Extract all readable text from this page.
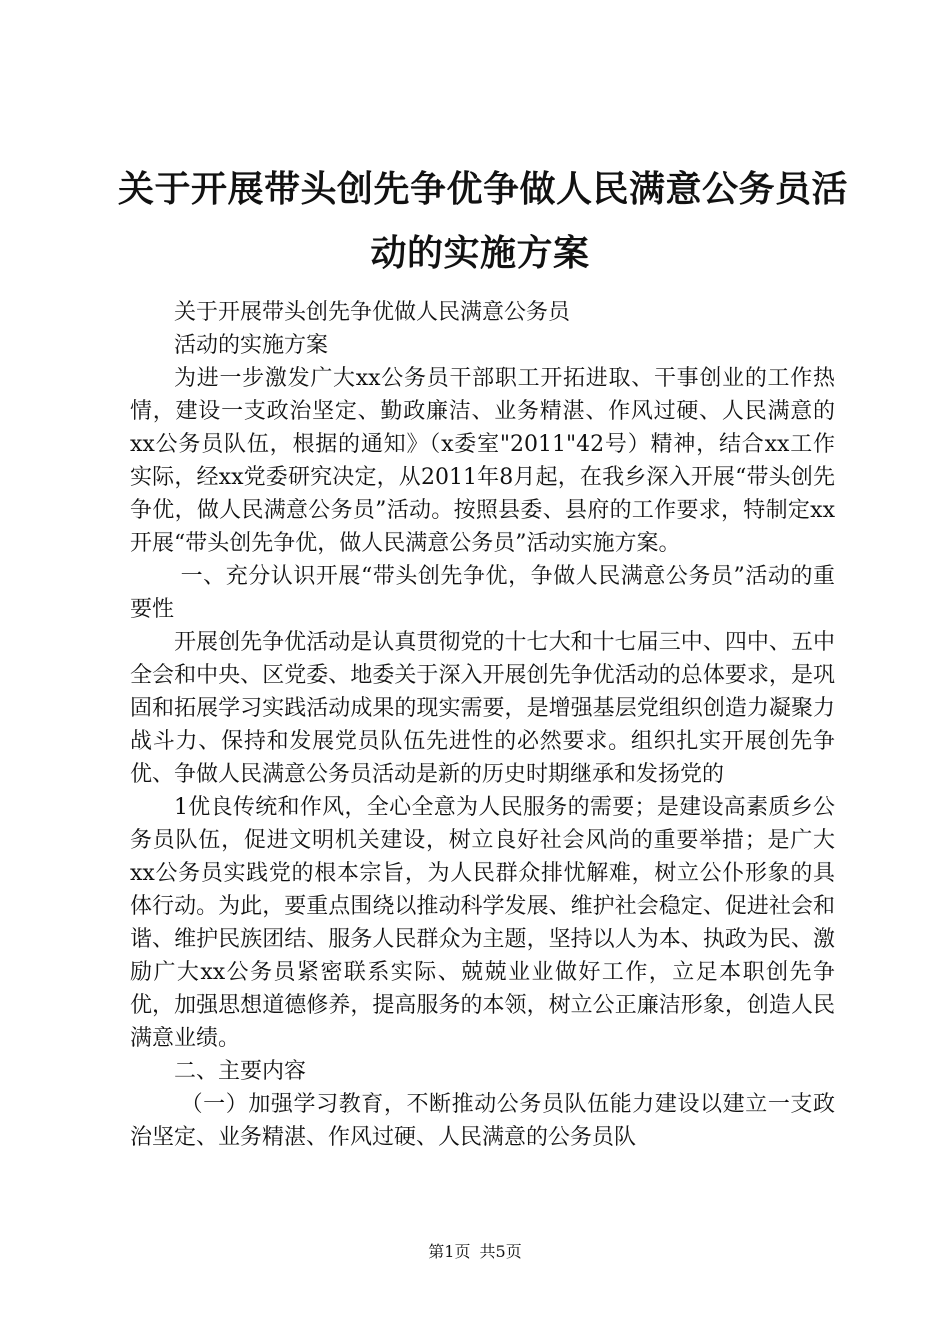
关于开展带头创先争优争做人民满意公务员活
动的实施方案

关于开展带头创先争优做人民满意公务员

活动的实施方案

为进一步激发广大xx公务员干部职工开拓进取、干事创业的工作热情，建设一支政治坚定、勤政廉洁、业务精湛、作风过硬、人民满意的xx公务员队伍，根据的通知》（x委室"2011"42号）精神，结合xx工作实际，经xx党委研究决定，从2011年8月起，在我乡深入开展“带头创先争优，做人民满意公务员”活动。按照县委、县府的工作要求，特制定xx开展“带头创先争优，做人民满意公务员”活动实施方案。

一、充分认识开展“带头创先争优，争做人民满意公务员”活动的重要性

开展创先争优活动是认真贯彻党的十七大和十七届三中、四中、五中全会和中央、区党委、地委关于深入开展创先争优活动的总体要求，是巩固和拓展学习实践活动成果的现实需要，是增强基层党组织创造力凝聚力战斗力、保持和发展党员队伍先进性的必然要求。组织扎实开展创先争优、争做人民满意公务员活动是新的历史时期继承和发扬党的

1优良传统和作风，全心全意为人民服务的需要；是建设高素质乡公务员队伍，促进文明机关建设，树立良好社会风尚的重要举措；是广大xx公务员实践党的根本宗旨，为人民群众排忧解难，树立公仆形象的具体行动。为此，要重点围绕以推动科学发展、维护社会稳定、促进社会和谐、维护民族团结、服务人民群众为主题，坚持以人为本、执政为民、激励广大xx公务员紧密联系实际、兢兢业业做好工作，立足本职创先争优，加强思想道德修养，提高服务的本领，树立公正廉洁形象，创造人民满意业绩。

二、主要内容

（一）加强学习教育，不断推动公务员队伍能力建设以建立一支政治坚定、业务精湛、作风过硬、人民满意的公务员队

第1页 共5页
